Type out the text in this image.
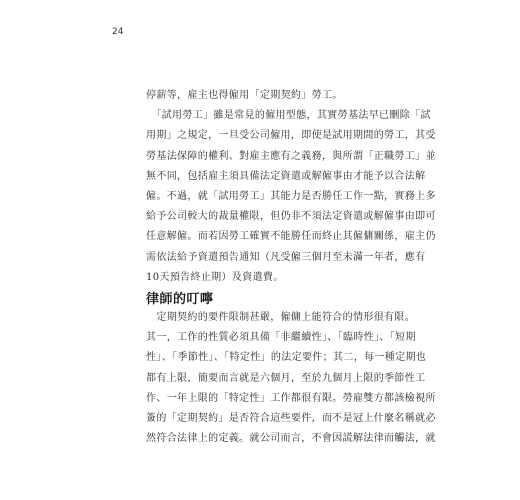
24
停薪等，雇主也得僱用「定期契約」勞工。
　「試用勞工」雖是常見的僱用型態，其實勞基法早已刪除「試
用期」之規定，一旦受公司僱用，即使是試用期間的勞工，其受
勞基法保障的權利、對雇主應有之義務，與所謂「正職勞工」並
無不同，包括雇主須具備法定資遣或解僱事由才能予以合法解
僱。不過，就「試用勞工」其能力是否勝任工作一點，實務上多
給予公司較大的裁量權限，但仍非不須法定資遣或解僱事由即可
任意解僱。而若因勞工確實不能勝任而終止其僱傭關係，雇主仍
需依法給予資遣預告通知（凡受僱三個月至未滿一年者，應有
10天預告終止期）及資遣費。
律師的叮嚀
　定期契約的要件限制甚嚴，僱傭上能符合的情形很有限。
其一，工作的性質必須具備「非繼續性」、「臨時性」、「短期
性」、「季節性」、「特定性」的法定要件；其二，每一種定期也
都有上限，簡要而言就是六個月，至於九個月上限的季節性工
作、一年上限的「特定性」工作都很有限。勞雇雙方都該檢視所
簽的「定期契約」是否符合這些要件，而不是冠上什麼名稱就必
然符合法律上的定義。就公司而言，不會因謊解法律而觸法，就
